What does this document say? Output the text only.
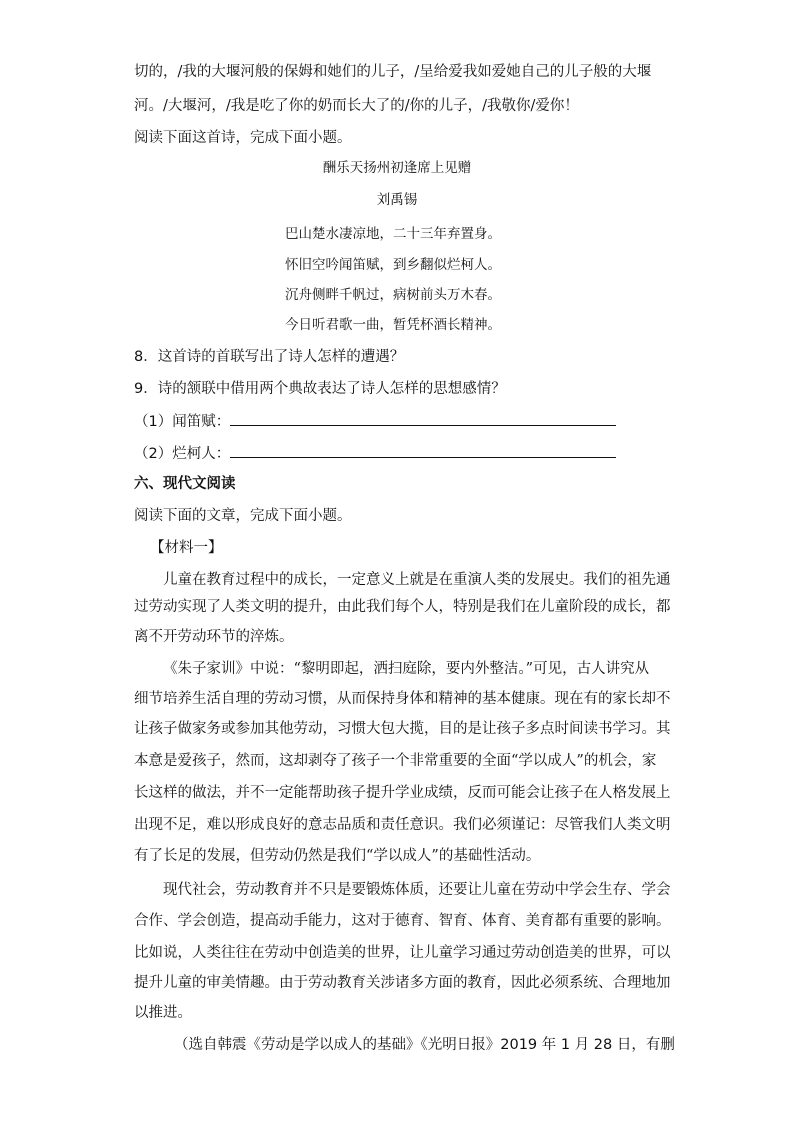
切的，/我的大堰河般的保姆和她们的儿子，/呈给爱我如爱她自己的儿子般的大堰
河。/大堰河，/我是吃了你的奶而长大了的/你的儿子，/我敬你/爱你！
阅读下面这首诗，完成下面小题。
酬乐天扬州初逢席上见赠
刘禹锡
巴山楚水凄凉地，二十三年弃置身。
怀旧空吟闻笛赋，到乡翻似烂柯人。
沉舟侧畔千帆过，病树前头万木春。
今日听君歌一曲，暂凭杯酒长精神。
8．这首诗的首联写出了诗人怎样的遭遇？
9．诗的颔联中借用两个典故表达了诗人怎样的思想感情？
（1）闻笛赋：
（2）烂柯人：
六、现代文阅读
阅读下面的文章，完成下面小题。
【材料一】
儿童在教育过程中的成长，一定意义上就是在重演人类的发展史。我们的祖先通
过劳动实现了人类文明的提升，由此我们每个人，特别是我们在儿童阶段的成长，都
离不开劳动环节的淬炼。
《朱子家训》中说：“黎明即起，洒扫庭除，要内外整洁。”可见，古人讲究从
细节培养生活自理的劳动习惯，从而保持身体和精神的基本健康。现在有的家长却不
让孩子做家务或参加其他劳动，习惯大包大揽，目的是让孩子多点时间读书学习。其
本意是爱孩子，然而，这却剥夺了孩子一个非常重要的全面“学以成人”的机会，家
长这样的做法，并不一定能帮助孩子提升学业成绩，反而可能会让孩子在人格发展上
出现不足，难以形成良好的意志品质和责任意识。我们必须谨记：尽管我们人类文明
有了长足的发展，但劳动仍然是我们“学以成人”的基础性活动。
现代社会，劳动教育并不只是要锻炼体质，还要让儿童在劳动中学会生存、学会
合作、学会创造，提高动手能力，这对于德育、智育、体育、美育都有重要的影响。
比如说，人类往往在劳动中创造美的世界，让儿童学习通过劳动创造美的世界，可以
提升儿童的审美情趣。由于劳动教育关涉诸多方面的教育，因此必须系统、合理地加
以推进。
（选自韩震《劳动是学以成人的基础》《光明日报》2019 年 1 月 28 日，有删
